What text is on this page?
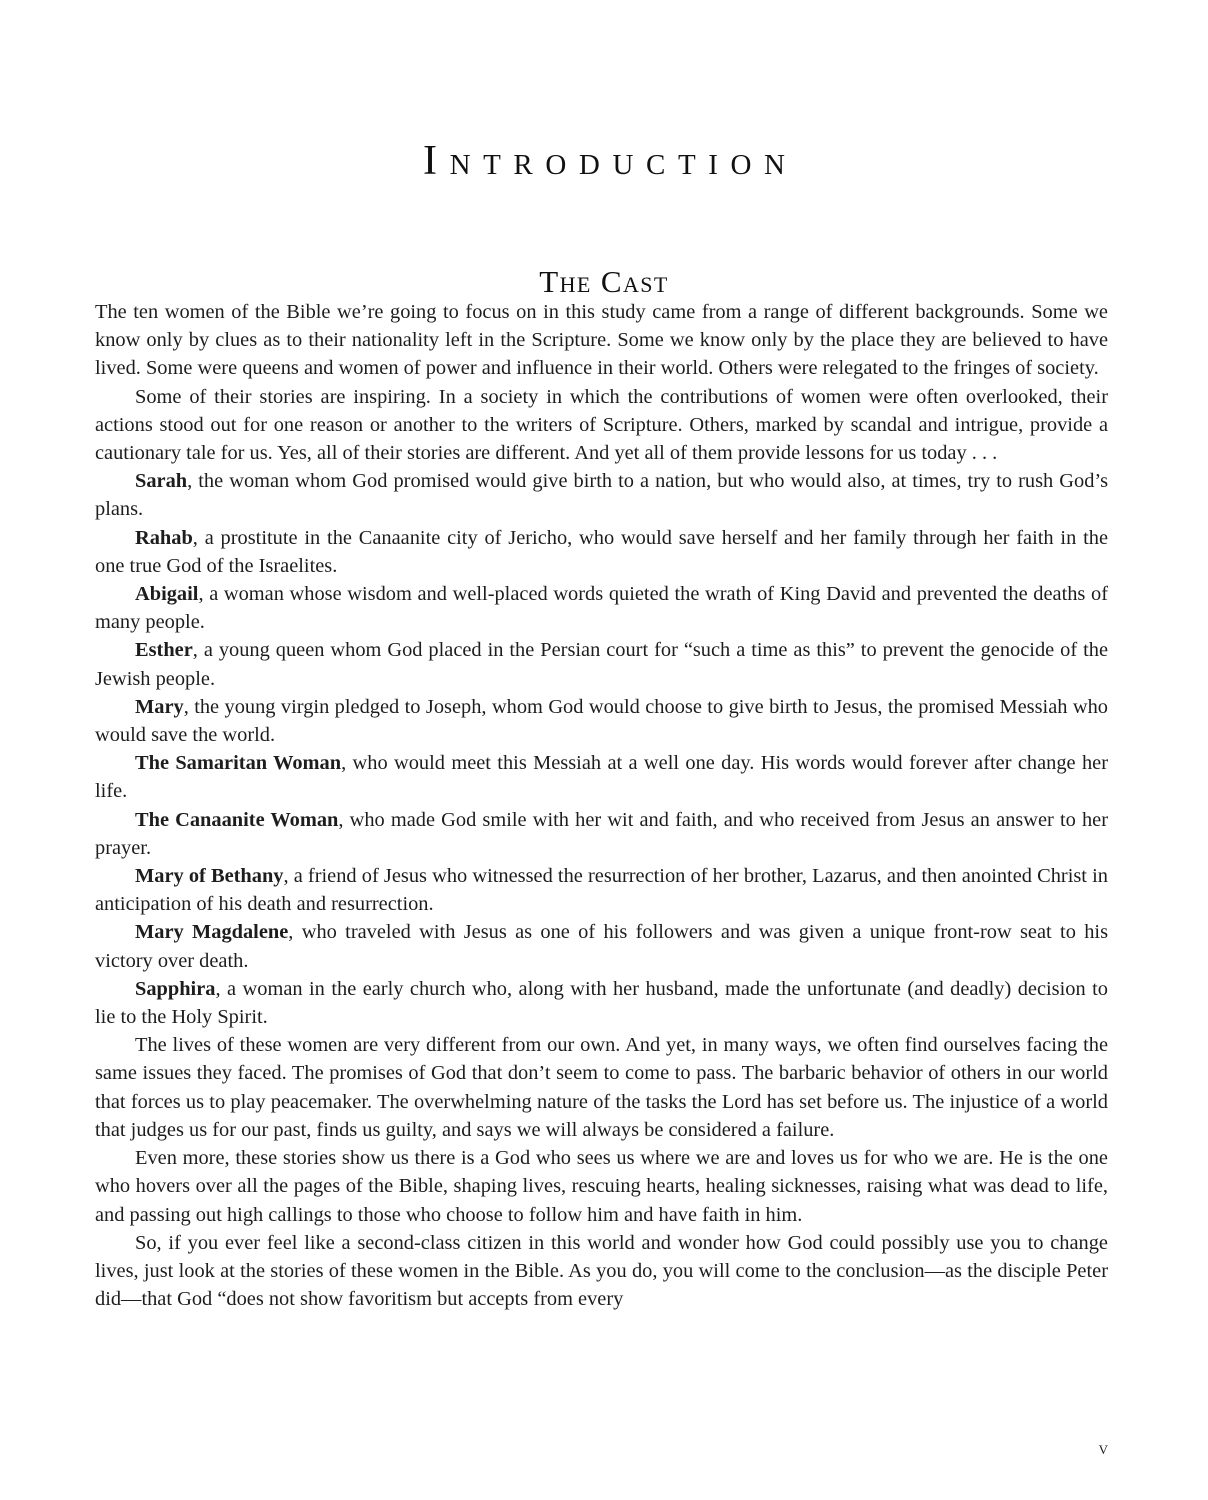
Introduction
The Cast

The ten women of the Bible we’re going to focus on in this study came from a range of different backgrounds. Some we know only by clues as to their nationality left in the Scripture. Some we know only by the place they are believed to have lived. Some were queens and women of power and influence in their world. Others were relegated to the fringes of society.

Some of their stories are inspiring. In a society in which the contributions of women were often overlooked, their actions stood out for one reason or another to the writers of Scripture. Others, marked by scandal and intrigue, provide a cautionary tale for us. Yes, all of their stories are different. And yet all of them provide lessons for us today . . .

Sarah, the woman whom God promised would give birth to a nation, but who would also, at times, try to rush God’s plans.

Rahab, a prostitute in the Canaanite city of Jericho, who would save herself and her family through her faith in the one true God of the Israelites.

Abigail, a woman whose wisdom and well-placed words quieted the wrath of King David and prevented the deaths of many people.

Esther, a young queen whom God placed in the Persian court for “such a time as this” to prevent the genocide of the Jewish people.

Mary, the young virgin pledged to Joseph, whom God would choose to give birth to Jesus, the promised Messiah who would save the world.

The Samaritan Woman, who would meet this Messiah at a well one day. His words would forever after change her life.

The Canaanite Woman, who made God smile with her wit and faith, and who received from Jesus an answer to her prayer.

Mary of Bethany, a friend of Jesus who witnessed the resurrection of her brother, Lazarus, and then anointed Christ in anticipation of his death and resurrection.

Mary Magdalene, who traveled with Jesus as one of his followers and was given a unique front-row seat to his victory over death.

Sapphira, a woman in the early church who, along with her husband, made the unfortunate (and deadly) decision to lie to the Holy Spirit.

The lives of these women are very different from our own. And yet, in many ways, we often find ourselves facing the same issues they faced. The promises of God that don’t seem to come to pass. The barbaric behavior of others in our world that forces us to play peacemaker. The overwhelming nature of the tasks the Lord has set before us. The injustice of a world that judges us for our past, finds us guilty, and says we will always be considered a failure.

Even more, these stories show us there is a God who sees us where we are and loves us for who we are. He is the one who hovers over all the pages of the Bible, shaping lives, rescuing hearts, healing sicknesses, raising what was dead to life, and passing out high callings to those who choose to follow him and have faith in him.

So, if you ever feel like a second-class citizen in this world and wonder how God could possibly use you to change lives, just look at the stories of these women in the Bible. As you do, you will come to the conclusion—as the disciple Peter did—that God “does not show favoritism but accepts from every

v
